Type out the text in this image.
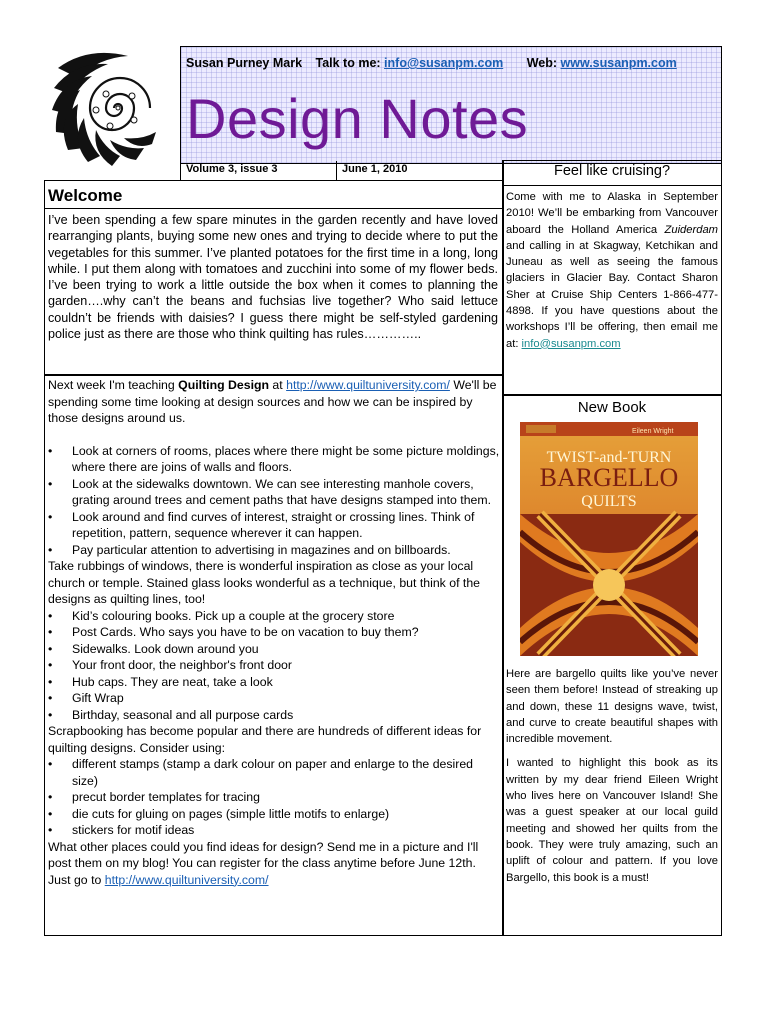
Susan Purney Mark Talk to me: info@susanpm.com Web: www.susanpm.com
Design Notes
Volume 3, issue 3	June 1, 2010
Welcome
I’ve been spending a few spare minutes in the garden recently and have loved rearranging plants, buying some new ones and trying to decide where to put the vegetables for this summer. I’ve planted potatoes for the first time in a long, long while. I put them along with tomatoes and zucchini into some of my flower beds. I’ve been trying to work a little outside the box when it comes to planning the garden….why can’t the beans and fuchsias live together? Who said lettuce couldn’t be friends with daisies? I guess there might be self-styled gardening police just as there are those who think quilting has rules…………..

Next week I'm teaching Quilting Design at http://www.quiltuniversity.com/ We'll be spending some time looking at design sources and how we can be inspired by those designs around us.

• Look at corners of rooms, places where there might be some picture moldings, where there are joins of walls and floors.
• Look at the sidewalks downtown. We can see interesting manhole covers, grating around trees and cement paths that have designs stamped into them.
• Look around and find curves of interest, straight or crossing lines. Think of repetition, pattern, sequence wherever it can happen.
• Pay particular attention to advertising in magazines and on billboards.

Take rubbings of windows, there is wonderful inspiration as close as your local church or temple. Stained glass looks wonderful as a technique, but think of the designs as quilting lines, too!

• Kid’s colouring books. Pick up a couple at the grocery store
• Post Cards. Who says you have to be on vacation to buy them?
• Sidewalks. Look down around you
• Your front door, the neighbor's front door
• Hub caps. They are neat, take a look
• Gift Wrap
• Birthday, seasonal and all purpose cards

Scrapbooking has become popular and there are hundreds of different ideas for quilting designs. Consider using:

• different stamps (stamp a dark colour on paper and enlarge to the desired size)
• precut border templates for tracing
• die cuts for gluing on pages (simple little motifs to enlarge)
• stickers for motif ideas

What other places could you find ideas for design? Send me in a picture and I'll post them on my blog! You can register for the class anytime before June 12th. Just go to http://www.quiltuniversity.com/

Feel like cruising?
Come with me to Alaska in September 2010! We’ll be embarking from Vancouver aboard the Holland America Zuiderdam and calling in at Skagway, Ketchikan and Juneau as well as seeing the famous glaciers in Glacier Bay. Contact Sharon Sher at Cruise Ship Centers 1-866-477-4898. If you have questions about the workshops I’ll be offering, then email me at: info@susanpm.com
New Book
Eileen Wright
TWIST-and-TURN
BARGELLO
QUILTS

Here are bargello quilts like you’ve never seen them before! Instead of streaking up and down, these 11 designs wave, twist, and curve to create beautiful shapes with incredible movement.

I wanted to highlight this book as its written by my dear friend Eileen Wright who lives here on Vancouver Island! She was a guest speaker at our local guild meeting and showed her quilts from the book. They were truly amazing, such an uplift of colour and pattern. If you love Bargello, this book is a must!
